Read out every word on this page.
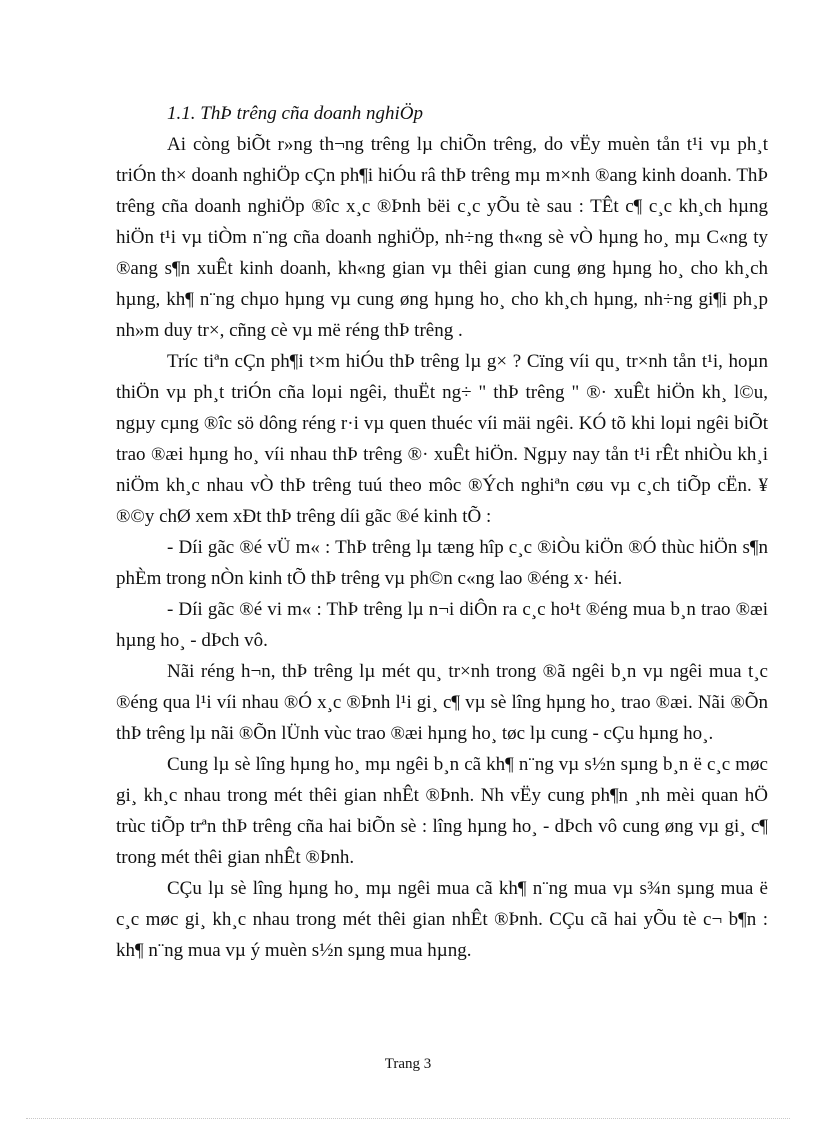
1.1. ThÞ trêng cña doanh nghiÖp

Ai còng biÕt r»ng th¬ng trêng lµ chiÕn trêng, do vËy muèn tån t¹i vµ ph¸t triÓn th× doanh nghiÖp cÇn ph¶i hiÓu râ thÞ trêng mµ m×nh ®ang kinh doanh. ThÞ trêng cña doanh nghiÖp ®îc x¸c ®Þnh bëi c¸c yÕu tè sau : TÊt c¶ c¸c kh¸ch hµng hiÖn t¹i vµ tiÒm n¨ng cña doanh nghiÖp, nh÷ng th«ng sè vÒ hµng ho¸ mµ C«ng ty ®ang s¶n xuÊt kinh doanh, kh«ng gian vµ thêi gian cung øng hµng ho¸ cho kh¸ch hµng, kh¶ n¨ng chµo hµng vµ cung øng hµng ho¸ cho kh¸ch hµng, nh÷ng gi¶i ph¸p nh»m duy tr×, cñng cè vµ më réng thÞ trêng .

Tríc tiªn cÇn ph¶i t×m hiÓu thÞ trêng lµ g× ? Cïng víi qu¸ tr×nh tån t¹i, hoµn thiÖn vµ ph¸t triÓn cña loµi ngêi, thuËt ng÷ " thÞ trêng " ®· xuÊt hiÖn kh¸ l©u, ngµy cµng ®îc sö dông réng r·i vµ quen thuéc víi mäi ngêi. KÓ tõ khi loµi ngêi biÕt trao ®æi hµng ho¸ víi nhau thÞ trêng ®· xuÊt hiÖn. Ngµy nay tån t¹i rÊt nhiÒu kh¸i niÖm kh¸c nhau vÒ thÞ trêng tuú theo môc ®Ých nghiªn cøu vµ c¸ch tiÕp cËn. ¥ ®©y chØ xem xÐt thÞ trêng díi gãc ®é kinh tÕ :

- Díi gãc ®é vÜ m« : ThÞ trêng lµ tæng hîp c¸c ®iÒu kiÖn ®Ó thùc hiÖn s¶n phÈm trong nÒn kinh tÕ thÞ trêng vµ ph©n c«ng lao ®éng x· héi.

- Díi gãc ®é vi m« : ThÞ trêng lµ n¬i diÔn ra c¸c ho¹t ®éng mua b¸n trao ®æi hµng ho¸ - dÞch vô.

Nãi réng h¬n, thÞ trêng lµ mét qu¸ tr×nh trong ®ã ngêi b¸n vµ ngêi mua t¸c ®éng qua l¹i víi nhau ®Ó x¸c ®Þnh l¹i gi¸ c¶ vµ sè lîng hµng ho¸ trao ®æi. Nãi ®Õn thÞ trêng lµ nãi ®Õn lÜnh vùc trao ®æi hµng ho¸ tøc lµ cung - cÇu hµng ho¸.

Cung lµ sè lîng hµng ho¸ mµ ngêi b¸n cã kh¶ n¨ng vµ s½n sµng b¸n ë c¸c møc gi¸ kh¸c nhau trong mét thêi gian nhÊt ®Þnh. Nh vËy cung ph¶n ¸nh mèi quan hÖ trùc tiÕp trªn thÞ trêng cña hai biÕn sè : lîng hµng ho¸ - dÞch vô cung øng vµ gi¸ c¶ trong mét thêi gian nhÊt ®Þnh.

CÇu lµ sè lîng hµng ho¸ mµ ngêi mua cã kh¶ n¨ng mua vµ s¾n sµng mua ë c¸c møc gi¸ kh¸c nhau trong mét thêi gian nhÊt ®Þnh. CÇu cã hai yÕu tè c¬ b¶n : kh¶ n¨ng mua vµ ý muèn s½n sµng mua hµng.

Trang 3
